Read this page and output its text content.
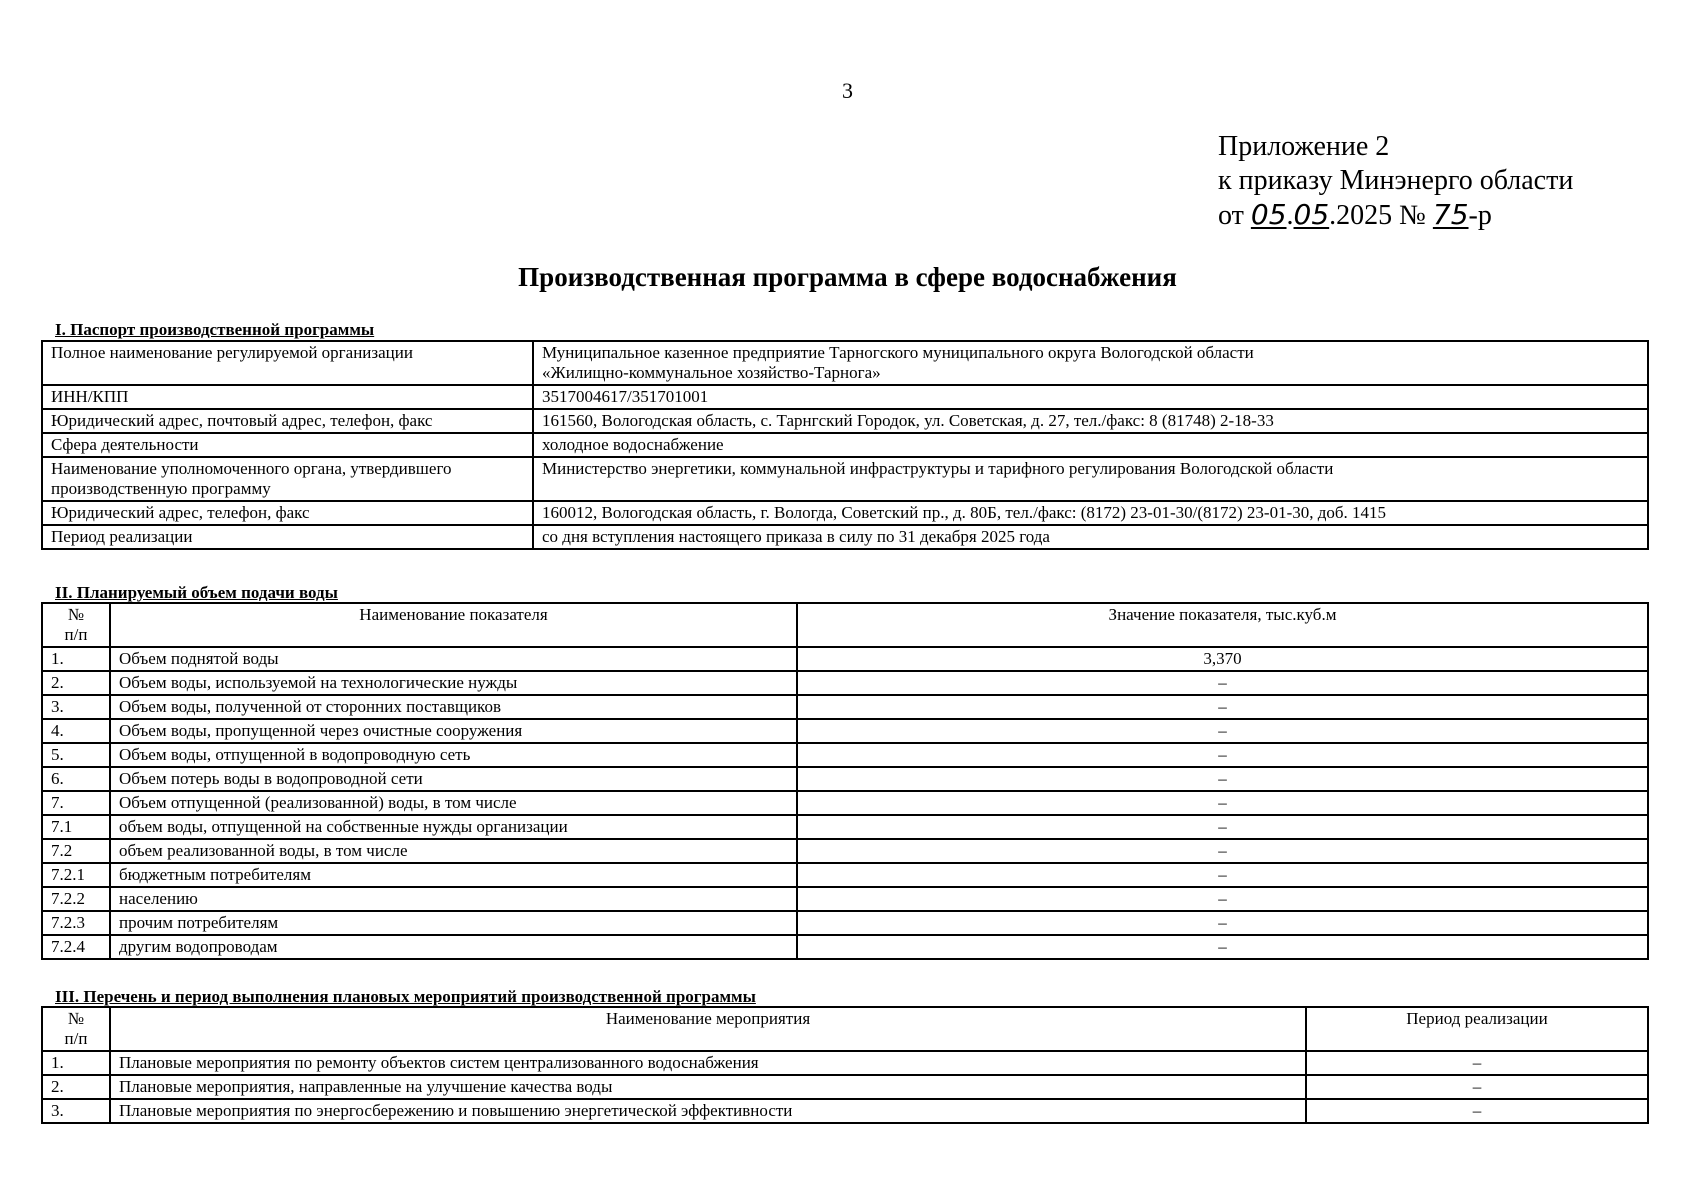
3
Приложение 2
к приказу Минэнерго области
от 05.05.2025 № 75-р
Производственная программа в сфере водоснабжения
I. Паспорт производственной программы
Полное наименование регулируемой организации	Муниципальное казенное предприятие Тарногского муниципального округа Вологодской области
«Жилищно-коммунальное хозяйство-Тарнога»

ИНН/КПП	3517004617/351701001

Юридический адрес, почтовый адрес, телефон, факс	161560, Вологодская область, с. Тарнгский Городок, ул. Советская, д. 27, тел./факс: 8 (81748) 2-18-33

Сфера деятельности	холодное водоснабжение

Наименование уполномоченного органа, утвердившего производственную программу	Министерство энергетики, коммунальной инфраструктуры и тарифного регулирования Вологодской области

Юридический адрес, телефон, факс	160012, Вологодская область, г. Вологда, Советский пр., д. 80Б, тел./факс: (8172) 23-01-30/(8172) 23-01-30, доб. 1415

Период реализации	со дня вступления настоящего приказа в силу по 31 декабря 2025 года
II. Планируемый объем подачи воды
№
п/п	Наименование показателя	Значение показателя, тыс.куб.м
1.	Объем поднятой воды	3,370
2.	Объем воды, используемой на технологические нужды	–
3.	Объем воды, полученной от сторонних поставщиков	–
4.	Объем воды, пропущенной через очистные сооружения	–
5.	Объем воды, отпущенной в водопроводную сеть	–
6.	Объем потерь воды в водопроводной сети	–
7.	Объем отпущенной (реализованной) воды, в том числе	–
7.1	объем воды, отпущенной на собственные нужды организации	–
7.2	объем реализованной воды, в том числе	–
7.2.1	бюджетным потребителям	–
7.2.2	населению	–
7.2.3	прочим потребителям	–
7.2.4	другим водопроводам	–
III. Перечень и период выполнения плановых мероприятий производственной программы
№
п/п	Наименование мероприятия	Период реализации
1.	Плановые мероприятия по ремонту объектов систем централизованного водоснабжения	–
2.	Плановые мероприятия, направленные на улучшение качества воды	–
3.	Плановые мероприятия по энергосбережению и повышению энергетической эффективности	–
